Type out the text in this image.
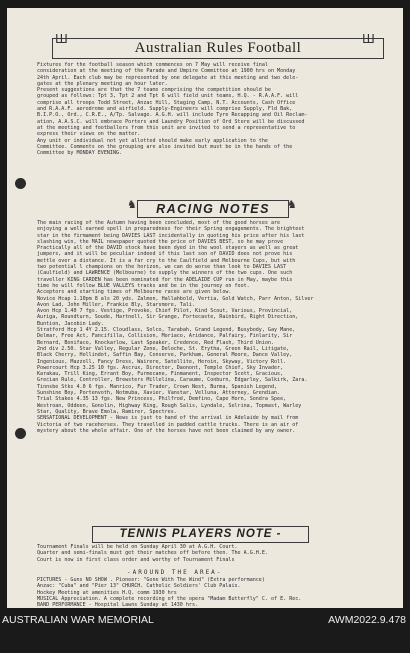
Ш	Ш
Australian Rules Football
Fixtures for the football season which commences on 7 May will receive final
consideration at the meeting of the Parade and Umpire Committee at 1900 hrs on Monday
24th April. Each club may be represented by one delegate at this meeting and two dele-
gates at the plenary meeting an hour later.
Present suggestions are that the 7 teams comprising the competition should be
grouped as follows: Tpt 3, Tpt 2 and Tpt 6 will field unit teams, H.Q. - R.A.A.F. will
comprise all troops Todd Street, Anzac Hill, Staging Camp, N.T. Accounts, Cash Office
and R.A.A.F. aerodrome and airfield. Supply-Engineers will comprise Supply, Fld Bak,
B.I.P.O., Ord., C.R.E., A/Tp. Salvage. A.G.H. will include Tyre Recapping and Oil Reclam-
ation, A.A.S.C. will embrace Porters and Laundry Position of Ord Store will be discussed
at the meeting and footballers from this unit are invited to send a representative to
express their views on the matter.
Any unit or individual not yet allotted should make early application to the
Committee. Comments on the grouping are also invited but must be in the hands of the
Committee by MONDAY EVENING.
♞	♞
RACING NOTES
The main racing of the Autumn having been concluded, most of the good horses are
enjoying a well earned spell in preparedness for their Spring engagements. The brightest
star in the firmament being DAVIES LAST incidentally in quoting his price after his last
slashing win, the MAIL newspaper quoted the price of DAVIES BEST, so he may prove
Practically all of the DAVID stock have been dyed in the wool stayers as well as great
jumpers, and it will be peculiar indeed if this last son of DAVID does not prove his
mettle over a distance. It is a far cry to the Caulfield and Melbourne Cups, but with
two potential l champions on the horizon, we can do worse than look to DAVIES LAST
(Caulfield) and LAWRENCE (Melbourne) to supply the winners of the two cups. One such
traveller KING CARDEN has been nominated for the ADELAIDE CUP run in May, maybe this
time he will follow BLUE VALLEYS tracks and be in the journey on foot.
Acceptors and starting times of Melbourne races are given below.
Novice Hcap 1.10pm 8 als 20 yds. Zalmon, Hallahbold, Vertia, Gold Watch, Parr Anton, Silver
Avon Lad, John Miller, Frankie Bly, Starsmore, Tali.
Avon Hcp 1.40 7 fgs. Vestige, Provoke, Chief Pilot, Kind Scout, Various, Provincial,
Auriga, Roundturn, Soude, Hartnell, Sir Grange, Fortecaste, Rainbird, Right Direction,
Buntion, Jacobin Lady.
Stratford Hcp 1 4Y 2.15. Cloudlass, Solco, Tarabah, Grand Legend, Busybody, Gay Mane,
Delmar, Free Act, Fancifilla, Collision, Moriaco, Aridance, Palfairy, Finlarity, Sir
Bernard, Bonifaco, Knockarlow, Last Speaker, Credence, Red Flash, Third Union.
2nd div 2.50. Star Valley, Regular Zone, Deloche, St. Erytha, Green Rail, Litigate,
Black Cherry, Hollindot, Saffin Bay, Conserve, Parkham, General Moore, Dance Valley,
Ingenious, Mazzoll, Fancy Dress, Wairere, Satellite, Heroin, Skyway, Victory Roll.
Powercourt Hcp 3.25 10 fgs. Ascrux, Director, Daonont, Temple Chief, Sky Invader,
Karakau, Trill King, Errant Boy, Furmecane, Finmanent, Inspector Scott, Gracious,
Grecian Rule, Controller, Brewsters Millelina, Caraume, Conburn, Edgarley, Salkirk, Zara.
Tinnsbe Stks 4.0 6 fgs. Manrico, Fur Trader, Crown Nest, Burma, Spanish Legend,
Sunshine Boy, Portenvoth, Notmuba, Xavier, Vanstar, Velluna, Attorney, Grendian.
Trial Stakes 4.35 13 fgs. New Princess, Philfrod, Demfino, Cape Horn, Sondra Spee,
Westroan, Oddeen, Gonolin, Highway King, Rough Salis, Lyndale, Selrina, Topmast, Warley
Star, Quality, Brave Emola, Ramirer, Spectres.
SENSATIONAL DEVELOPMENT - News is just to hand of the arrival in Adelaide by mail from
Victoria of two racehorses. They travelled in padded cattle trucks. There is an air of
mystery about the whole affair. One of the horses have not been claimed by any owner.
TENNIS PLAYERS NOTE -
Tournament Finals will be held on Sunday April 30 at A.G.H. Court.
Quarter and semi-finals must get their matches off before then. The A.G.H.E.
Court is now in first class order and worthy of Tournament Finals
-AROUND THE AREA-
PICTURES - Guns NO SHOW . Pioneer: "Gone With The Wind" (Extra performance)
Anzac: "Cuba" and "Pier 13" CHURCH. Catholic Soldiers' Club Palais.
Hockey Meeting at amenities H.Q. comm 1930 hrs
MUSICAL Appreciation. A complete recording of the opera "Madam Butterfly" C. of E. Rec.
BAND PERFORMANCE - Hospital Lawns Sunday at 1430 hrs.
AUSTRALIAN WAR MEMORIAL	AWM2022.9.478
